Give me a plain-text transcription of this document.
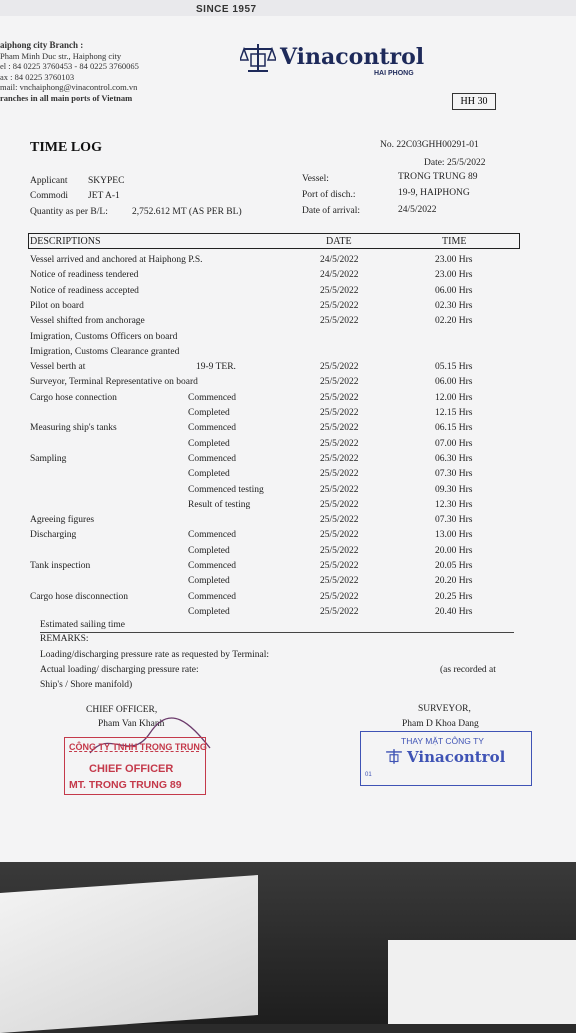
SINCE 1957
aiphong city Branch :
Pham Minh Duc str., Haiphong city
el : 84 0225 3760453 - 84 0225 3760065
ax : 84 0225 3760103
mail: vnchaiphong@vinacontrol.com.vn
ranches in all main ports of Vietnam
Vinacontrol
HAI PHONG
HH 30
TIME LOG	No. 22C03GHH00291-01
Date: 25/5/2022
Applicant SKYPEC
Commodi JET A-1
Quantity as per B/L:	2,752.612 MT (AS PER BL)
Vessel:	TRONG TRUNG 89
Port of disch.:	19-9, HAIPHONG
Date of arrival:	24/5/2022
DESCRIPTIONS	DATE	TIME
Vessel arrived and anchored at Haiphong P.S.	24/5/2022	23.00 Hrs
Notice of readiness tendered	24/5/2022	23.00 Hrs
Notice of readiness accepted	25/5/2022	06.00 Hrs
Pilot on board	25/5/2022	02.30 Hrs
Vessel shifted from anchorage	25/5/2022	02.20 Hrs
Imigration, Customs Officers on board
Imigration, Customs Clearance granted
Vessel berth at	19-9 TER.	25/5/2022	05.15 Hrs
Surveyor, Terminal Representative on board	25/5/2022	06.00 Hrs
Cargo hose connection	Commenced	25/5/2022	12.00 Hrs
Completed	25/5/2022	12.15 Hrs
Measuring ship's tanks	Commenced	25/5/2022	06.15 Hrs
Completed	25/5/2022	07.00 Hrs
Sampling	Commenced	25/5/2022	06.30 Hrs
Completed	25/5/2022	07.30 Hrs
Commenced testing	25/5/2022	09.30 Hrs
Result of testing	25/5/2022	12.30 Hrs
Agreeing figures	25/5/2022	07.30 Hrs
Discharging	Commenced	25/5/2022	13.00 Hrs
Completed	25/5/2022	20.00 Hrs
Tank inspection	Commenced	25/5/2022	20.05 Hrs
Completed	25/5/2022	20.20 Hrs
Cargo hose disconnection	Commenced	25/5/2022	20.25 Hrs
Completed	25/5/2022	20.40 Hrs
Estimated sailing time
REMARKS:
Loading/discharging pressure rate as requested by Terminal:
Actual loading/ discharging pressure rate:	(as recorded at
Ship's / Shore manifold)
CHIEF OFFICER,
Pham Van Khanh
SURVEYOR,
Pham D Khoa Dang
CÔNG TY TNHH TRỌNG TRUNG
CHIEF OFFICER
MT. TRONG TRUNG 89
THAY MẶT CÔNG TY
Vinacontrol
01
